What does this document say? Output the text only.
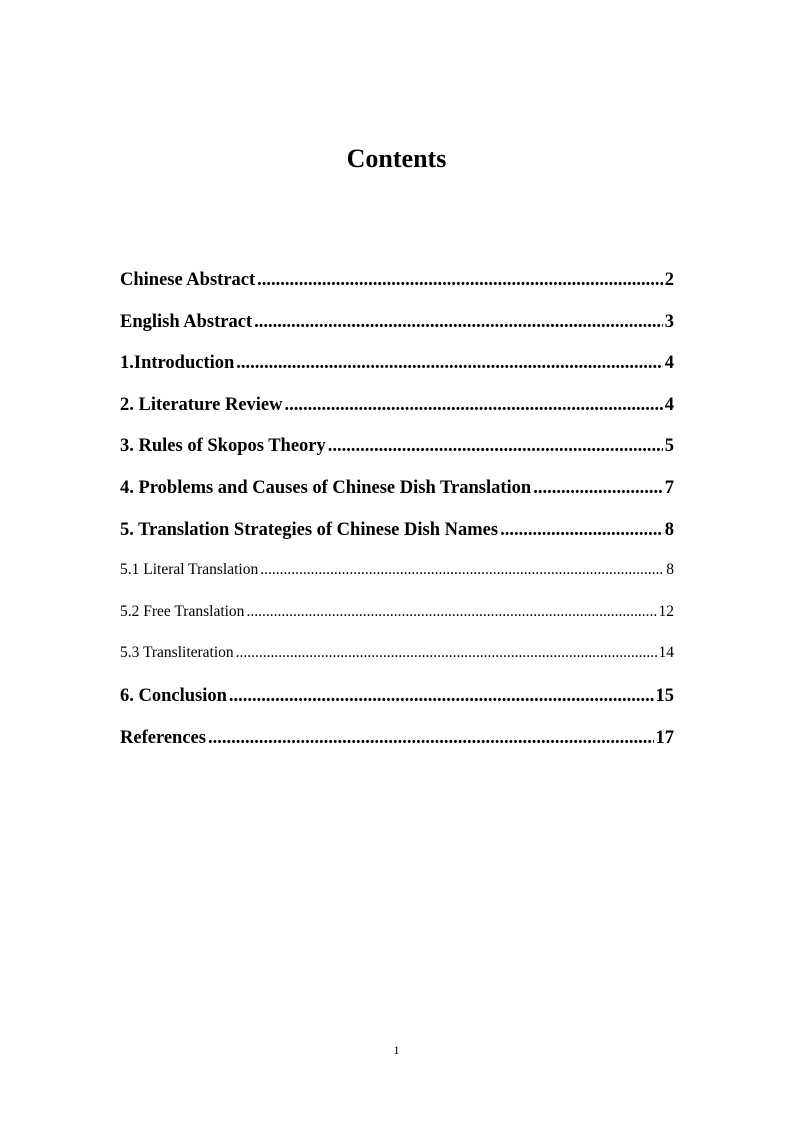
Contents
Chinese Abstract .....	2
English Abstract .....	3
1.Introduction .....	4
2. Literature Review .....	4
3. Rules of Skopos Theory .....	5
4. Problems and Causes of Chinese Dish Translation .....	7
5. Translation Strategies of Chinese Dish Names .....	8
5.1 Literal Translation .....	8
5.2 Free Translation .....	12
5.3 Transliteration .....	14
6. Conclusion .....	15
References .....	17
1
